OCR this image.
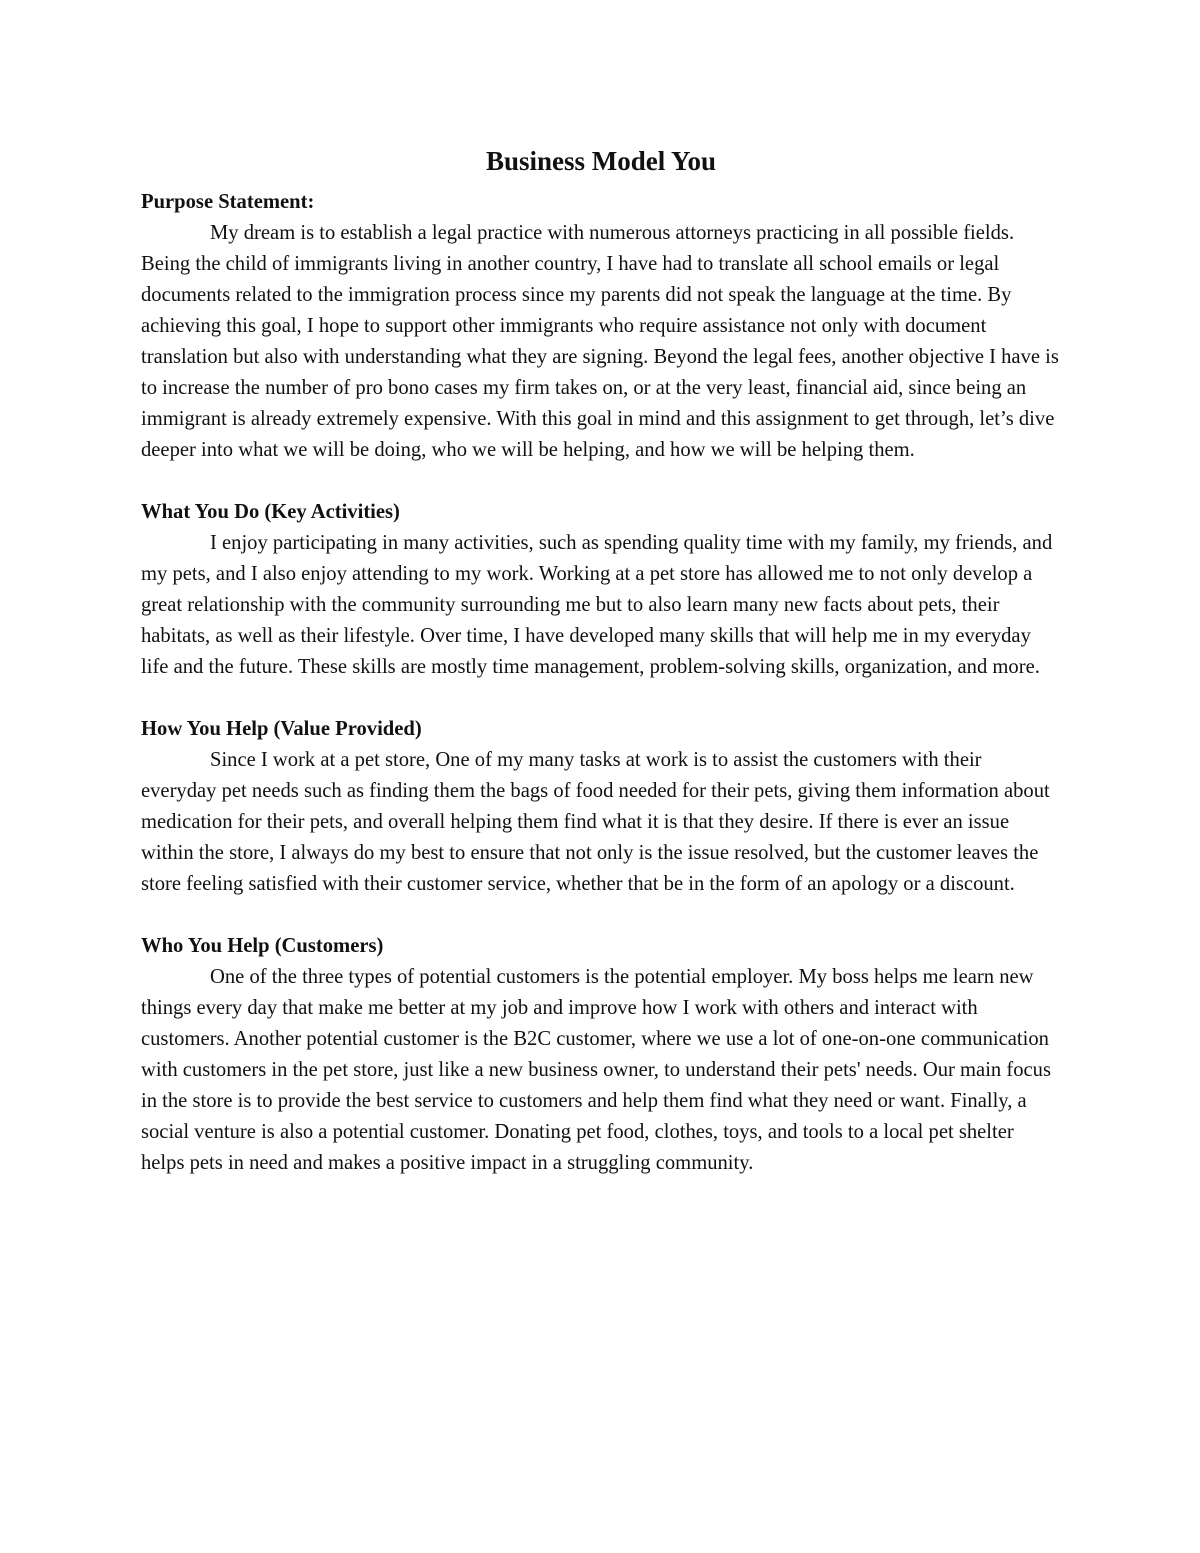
Business Model You
Purpose Statement:

My dream is to establish a legal practice with numerous attorneys practicing in all possible fields. Being the child of immigrants living in another country, I have had to translate all school emails or legal documents related to the immigration process since my parents did not speak the language at the time. By achieving this goal, I hope to support other immigrants who require assistance not only with document translation but also with understanding what they are signing. Beyond the legal fees, another objective I have is to increase the number of pro bono cases my firm takes on, or at the very least, financial aid, since being an immigrant is already extremely expensive. With this goal in mind and this assignment to get through, let’s dive deeper into what we will be doing, who we will be helping, and how we will be helping them.

What You Do (Key Activities)

I enjoy participating in many activities, such as spending quality time with my family, my friends, and my pets, and I also enjoy attending to my work. Working at a pet store has allowed me to not only develop a great relationship with the community surrounding me but to also learn many new facts about pets, their habitats, as well as their lifestyle. Over time, I have developed many skills that will help me in my everyday life and the future. These skills are mostly time management, problem-solving skills, organization, and more.

How You Help (Value Provided)

Since I work at a pet store, One of my many tasks at work is to assist the customers with their everyday pet needs such as finding them the bags of food needed for their pets, giving them information about medication for their pets, and overall helping them find what it is that they desire. If there is ever an issue within the store, I always do my best to ensure that not only is the issue resolved, but the customer leaves the store feeling satisfied with their customer service, whether that be in the form of an apology or a discount.

Who You Help (Customers)

One of the three types of potential customers is the potential employer. My boss helps me learn new things every day that make me better at my job and improve how I work with others and interact with customers. Another potential customer is the B2C customer, where we use a lot of one-on-one communication with customers in the pet store, just like a new business owner, to understand their pets' needs. Our main focus in the store is to provide the best service to customers and help them find what they need or want. Finally, a social venture is also a potential customer. Donating pet food, clothes, toys, and tools to a local pet shelter helps pets in need and makes a positive impact in a struggling community.
